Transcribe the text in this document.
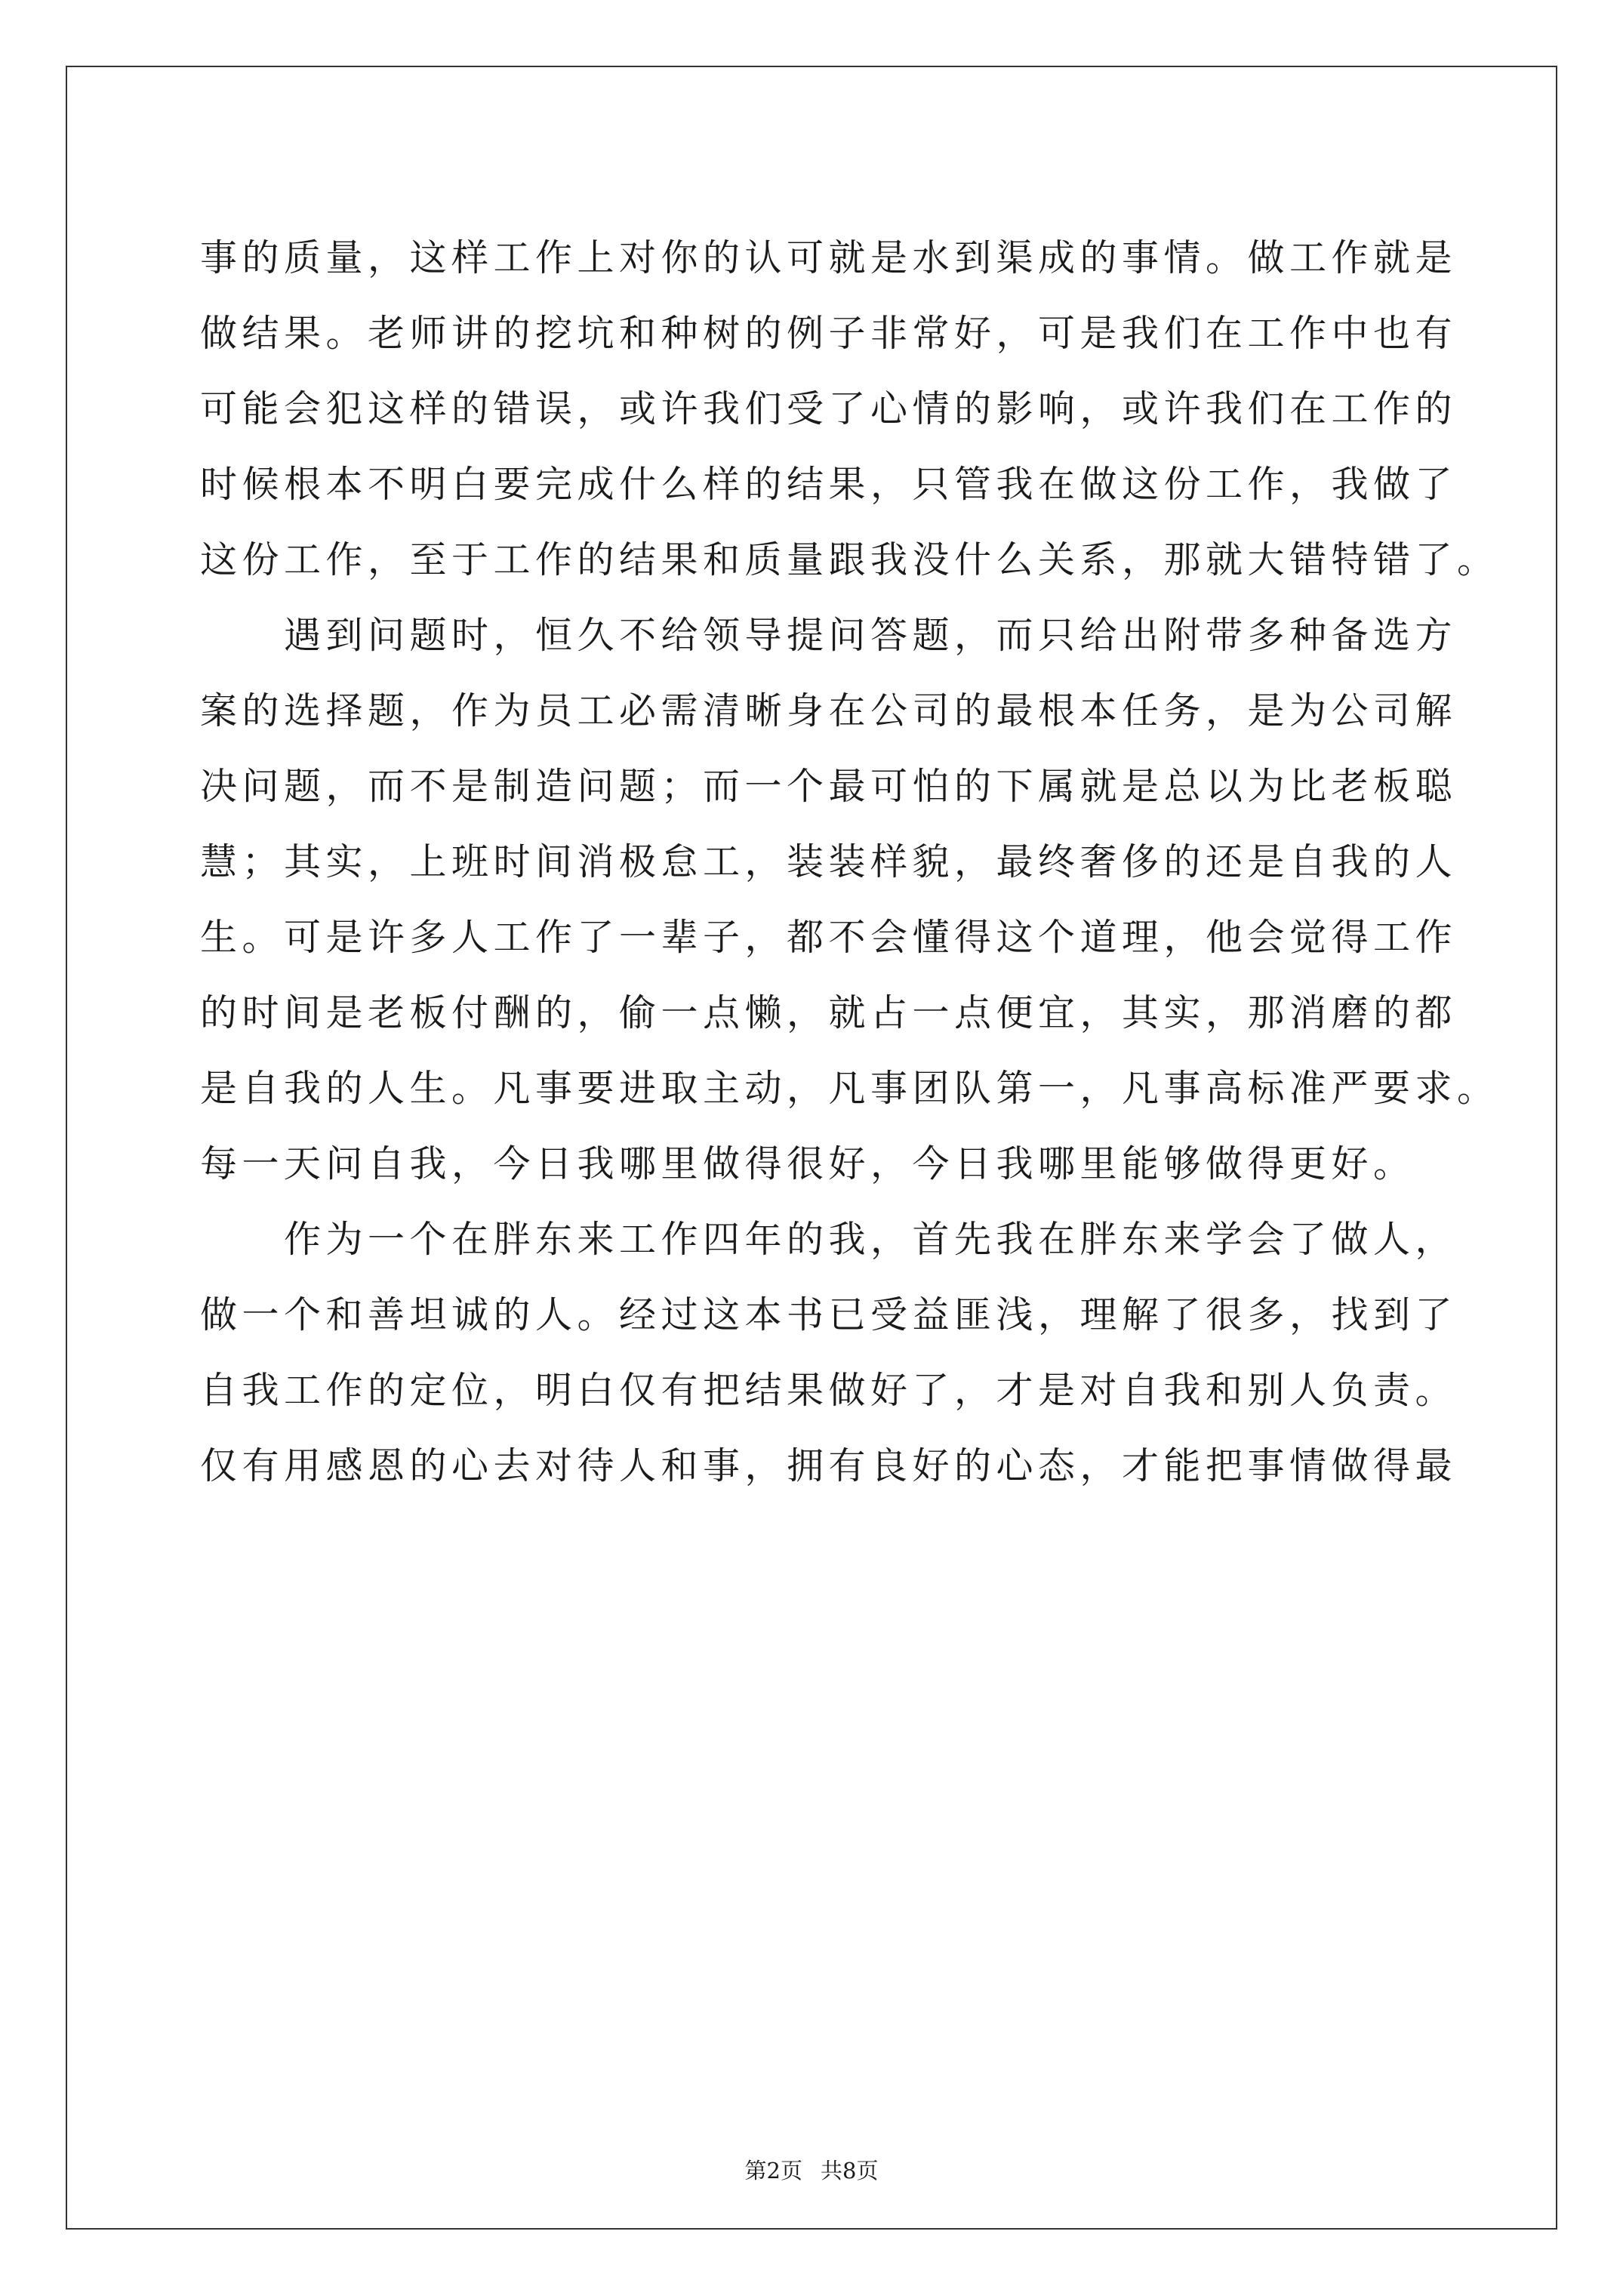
事的质量，这样工作上对你的认可就是水到渠成的事情。做工作就是
做结果。老师讲的挖坑和种树的例子非常好，可是我们在工作中也有
可能会犯这样的错误，或许我们受了心情的影响，或许我们在工作的
时候根本不明白要完成什么样的结果，只管我在做这份工作，我做了
这份工作，至于工作的结果和质量跟我没什么关系，那就大错特错了。
　　遇到问题时，恒久不给领导提问答题，而只给出附带多种备选方
案的选择题，作为员工必需清晰身在公司的最根本任务，是为公司解
决问题，而不是制造问题；而一个最可怕的下属就是总以为比老板聪
慧；其实，上班时间消极怠工，装装样貌，最终奢侈的还是自我的人
生。可是许多人工作了一辈子，都不会懂得这个道理，他会觉得工作
的时间是老板付酬的，偷一点懒，就占一点便宜，其实，那消磨的都
是自我的人生。凡事要进取主动，凡事团队第一，凡事高标准严要求。
每一天问自我，今日我哪里做得很好，今日我哪里能够做得更好。
　　作为一个在胖东来工作四年的我，首先我在胖东来学会了做人，
做一个和善坦诚的人。经过这本书已受益匪浅，理解了很多，找到了
自我工作的定位，明白仅有把结果做好了，才是对自我和别人负责。
仅有用感恩的心去对待人和事，拥有良好的心态，才能把事情做得最
第2页 共8页
